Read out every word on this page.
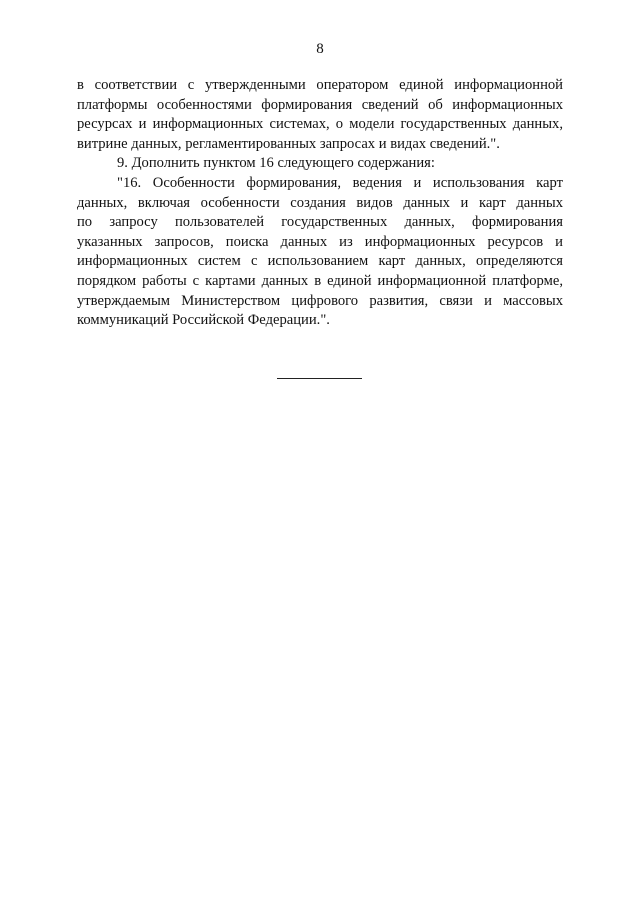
8
в соответствии с утвержденными оператором единой информационной
платформы особенностями формирования сведений об информационных
ресурсах и информационных системах, о модели государственных данных,
витрине данных, регламентированных запросах и видах сведений.".
9. Дополнить пунктом 16 следующего содержания:
"16. Особенности формирования, ведения и использования карт
данных, включая особенности создания видов данных и карт данных
по запросу пользователей государственных данных, формирования
указанных запросов, поиска данных из информационных ресурсов и
информационных систем с использованием карт данных, определяются
порядком работы с картами данных в единой информационной платформе,
утверждаемым Министерством цифрового развития, связи и массовых
коммуникаций Российской Федерации.".
